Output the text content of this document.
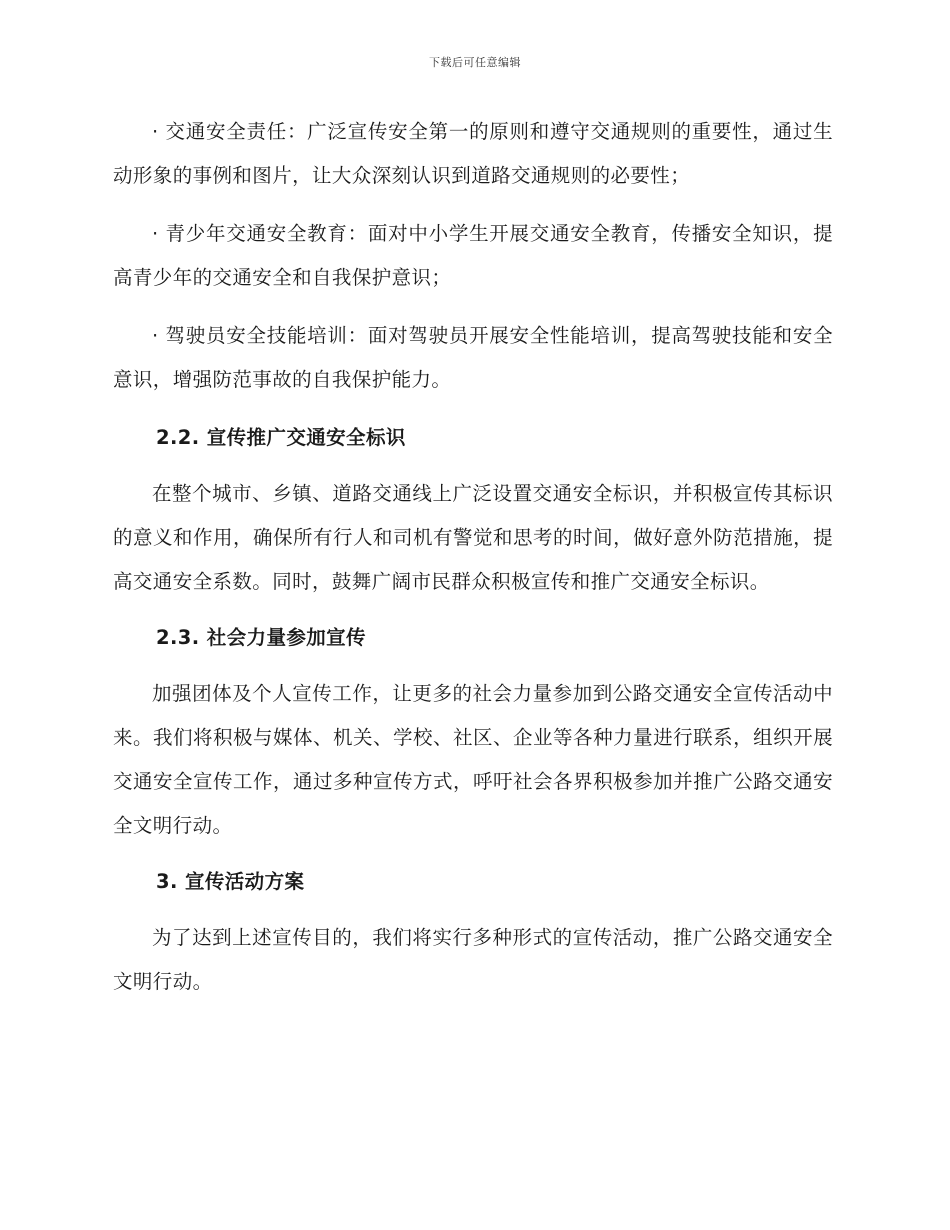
下载后可任意编辑

· 交通安全责任：广泛宣传安全第一的原则和遵守交通规则的重要性，通过生动形象的事例和图片，让大众深刻认识到道路交通规则的必要性；

· 青少年交通安全教育：面对中小学生开展交通安全教育，传播安全知识，提高青少年的交通安全和自我保护意识；

· 驾驶员安全技能培训：面对驾驶员开展安全性能培训，提高驾驶技能和安全意识，增强防范事故的自我保护能力。

2.2. 宣传推广交通安全标识

在整个城市、乡镇、道路交通线上广泛设置交通安全标识，并积极宣传其标识的意义和作用，确保所有行人和司机有警觉和思考的时间，做好意外防范措施，提高交通安全系数。同时，鼓舞广阔市民群众积极宣传和推广交通安全标识。

2.3. 社会力量参加宣传

加强团体及个人宣传工作，让更多的社会力量参加到公路交通安全宣传活动中来。我们将积极与媒体、机关、学校、社区、企业等各种力量进行联系，组织开展交通安全宣传工作，通过多种宣传方式，呼吁社会各界积极参加并推广公路交通安全文明行动。

3. 宣传活动方案

为了达到上述宣传目的，我们将实行多种形式的宣传活动，推广公路交通安全文明行动。
